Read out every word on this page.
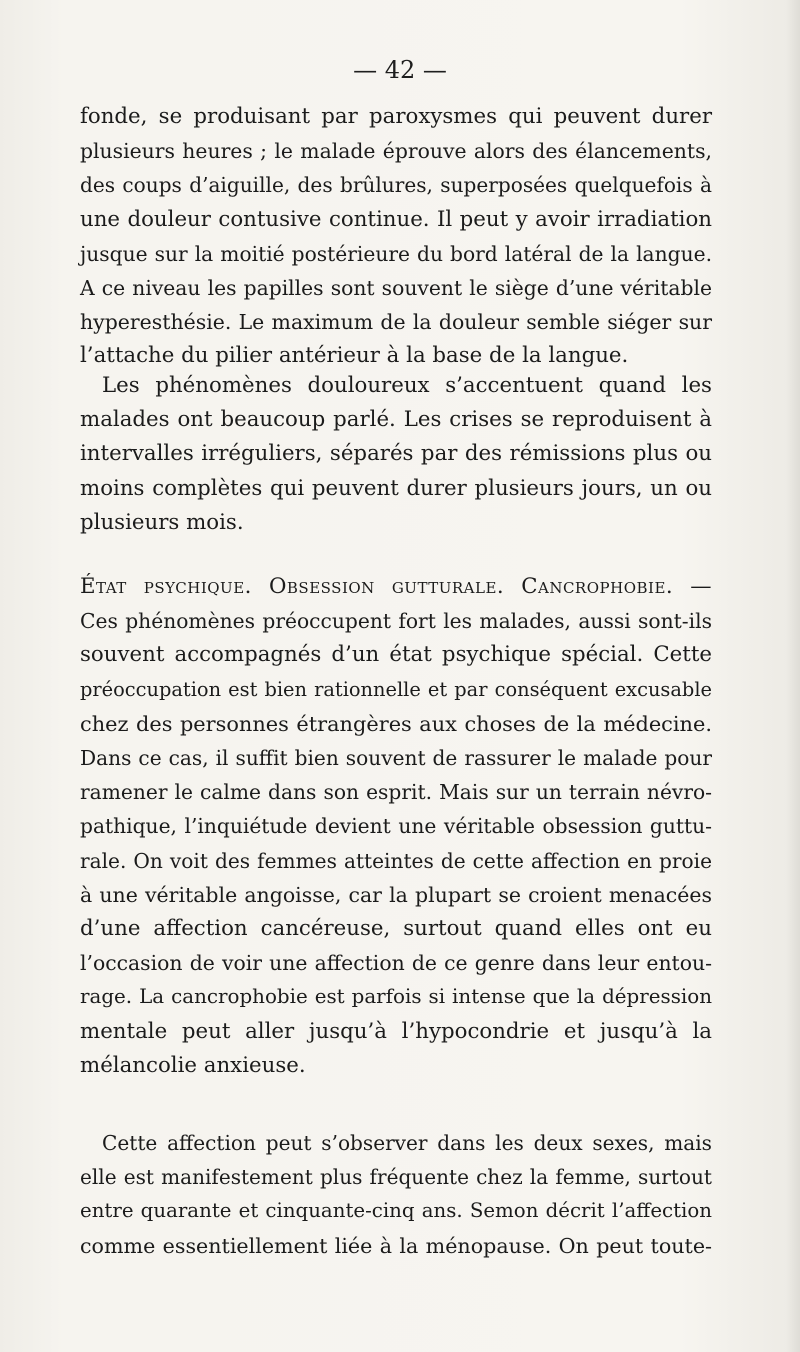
— 42 —
fonde, se produisant par paroxysmes qui peuvent durer
plusieurs heures ; le malade éprouve alors des élancements,
des coups d’aiguille, des brûlures, superposées quelquefois à
une douleur contusive continue. Il peut y avoir irradiation
jusque sur la moitié postérieure du bord latéral de la langue.
A ce niveau les papilles sont souvent le siège d’une véritable
hyperesthésie. Le maximum de la douleur semble siéger sur
l’attache du pilier antérieur à la base de la langue.
Les phénomènes douloureux s’accentuent quand les
malades ont beaucoup parlé. Les crises se reproduisent à
intervalles irréguliers, séparés par des rémissions plus ou
moins complètes qui peuvent durer plusieurs jours, un ou
plusieurs mois.
État psychique. Obsession gutturale. Cancrophobie. —
Ces phénomènes préoccupent fort les malades, aussi sont-ils
souvent accompagnés d’un état psychique spécial. Cette
préoccupation est bien rationnelle et par conséquent excusable
chez des personnes étrangères aux choses de la médecine.
Dans ce cas, il suffit bien souvent de rassurer le malade pour
ramener le calme dans son esprit. Mais sur un terrain névro-
pathique, l’inquiétude devient une véritable obsession guttu-
rale. On voit des femmes atteintes de cette affection en proie
à une véritable angoisse, car la plupart se croient menacées
d’une affection cancéreuse, surtout quand elles ont eu
l’occasion de voir une affection de ce genre dans leur entou-
rage. La cancrophobie est parfois si intense que la dépression
mentale peut aller jusqu’à l’hypocondrie et jusqu’à la
mélancolie anxieuse.
Cette affection peut s’observer dans les deux sexes, mais
elle est manifestement plus fréquente chez la femme, surtout
entre quarante et cinquante-cinq ans. Semon décrit l’affection
comme essentiellement liée à la ménopause. On peut toute-
